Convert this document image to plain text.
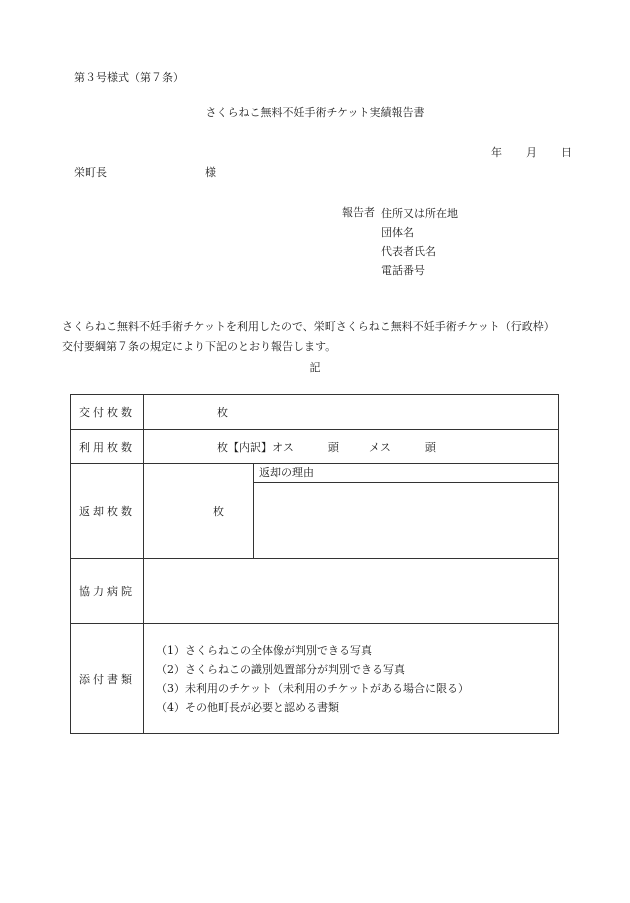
第３号様式（第７条）
さくらねこ無料不妊手術チケット実績報告書
年 月 日
栄町長	様
報告者 住所又は所在地
団体名
代表者氏名
電話番号

さくらねこ無料不妊手術チケットを利用したので、栄町さくらねこ無料不妊手術チケット（行政枠）

交付要綱第７条の規定により下記のとおり報告します。

記
交付枚数	枚	
利用枚数	枚【内訳】オス 頭 メス 頭	
返却枚数	枚	返却の理由

協力病院		
添付書類	（1）さくらねこの全体像が判別できる写真
（2）さくらねこの識別処置部分が判別できる写真
（3）未利用のチケット（未利用のチケットがある場合に限る）
（4）その他町長が必要と認める書類	
